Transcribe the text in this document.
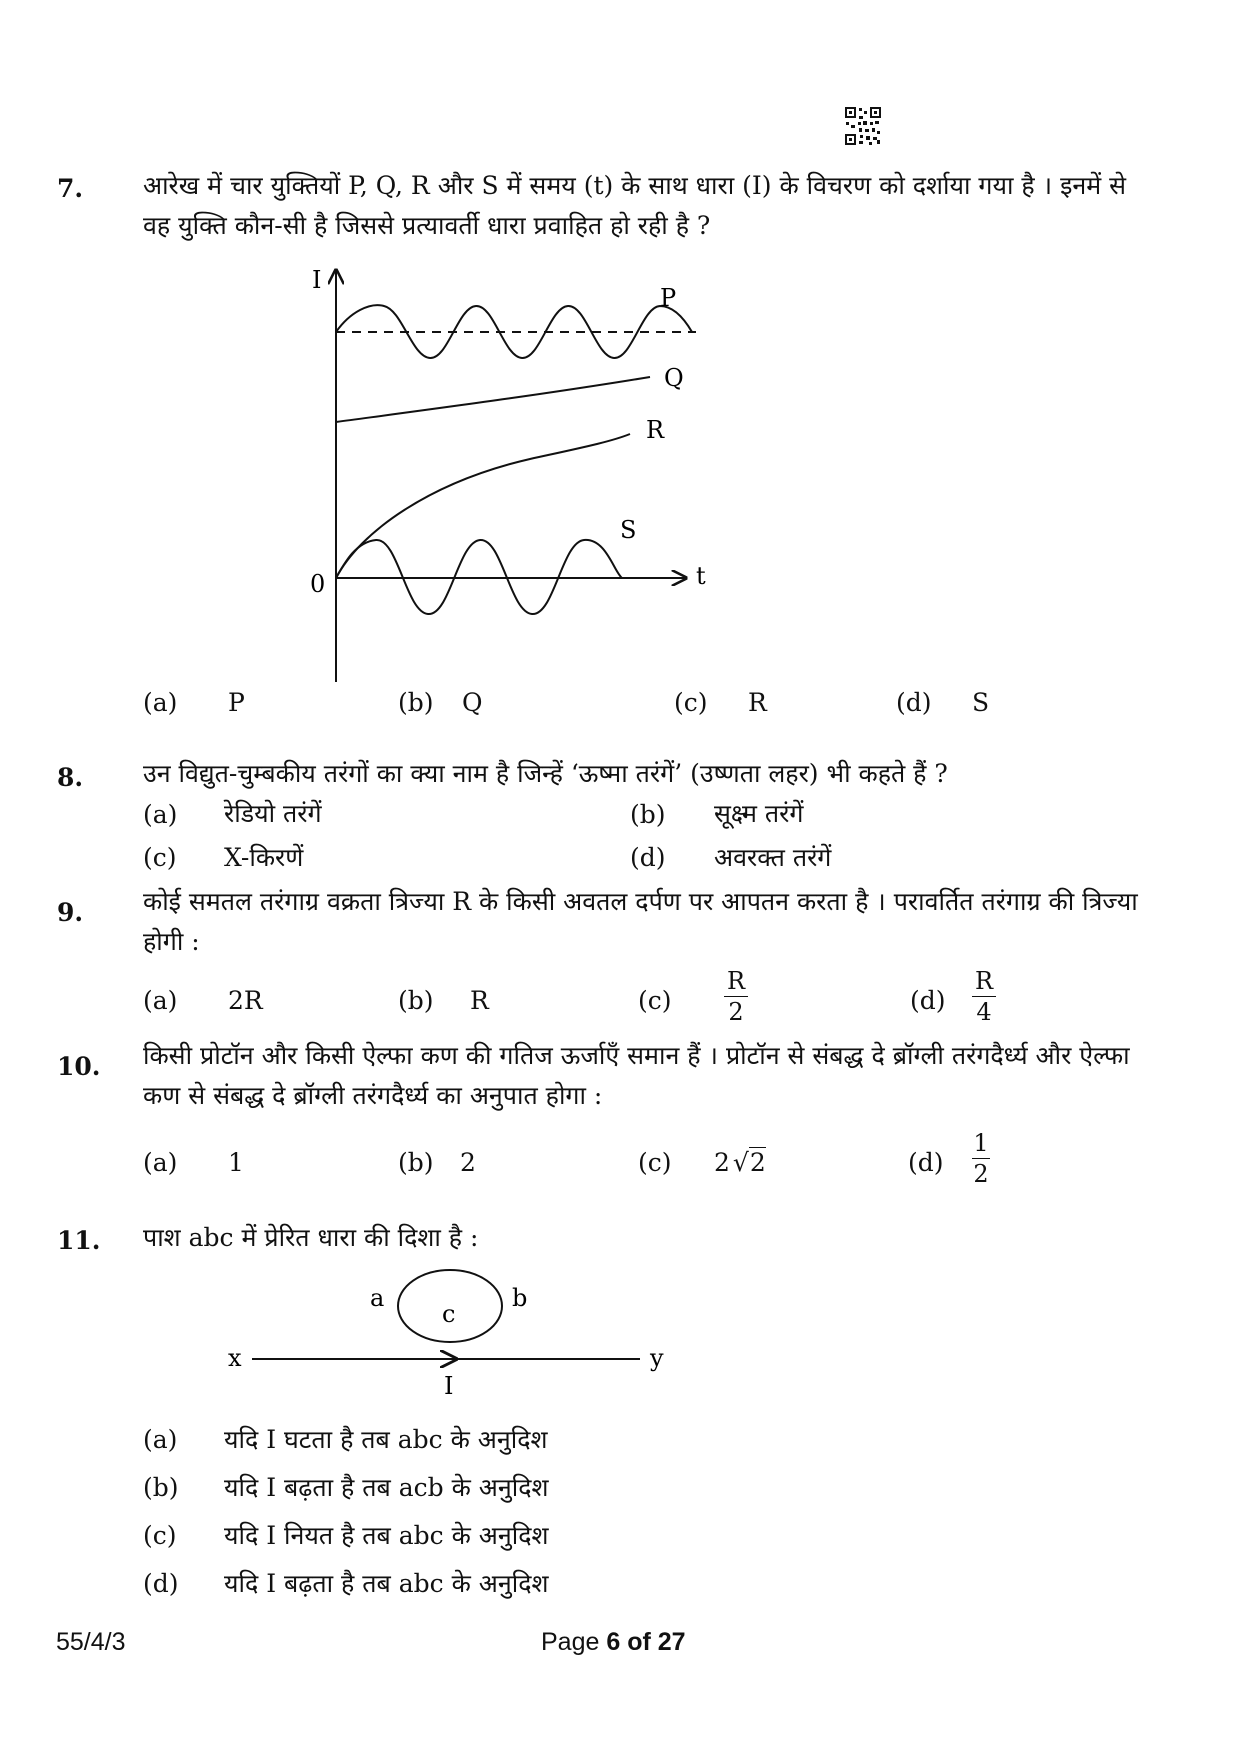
7. आरेख में चार युक्तियों P, Q, R और S में समय (t) के साथ धारा (I) के विचरण को दर्शाया गया है । इनमें से वह युक्ति कौन-सी है जिससे प्रत्यावर्ती धारा प्रवाहित हो रही है ?
I
t
0
P
Q
R
S
(a) P	(b) Q	(c) R	(d) S
8. उन विद्युत-चुम्बकीय तरंगों का क्या नाम है जिन्हें ‘ऊष्मा तरंगें’ (उष्णता लहर) भी कहते हैं ?
(a) रेडियो तरंगें	(b) सूक्ष्म तरंगें
(c) X-किरणें	(d) अवरक्त तरंगें
9. कोई समतल तरंगाग्र वक्रता त्रिज्या R के किसी अवतल दर्पण पर आपतन करता है । परावर्तित तरंगाग्र की त्रिज्या होगी :
(a) 2R	(b) R	(c)
R
2	(d)
R
4
10. किसी प्रोटॉन और किसी ऐल्फा कण की गतिज ऊर्जाएँ समान हैं । प्रोटॉन से संबद्ध दे ब्रॉग्ली तरंगदैर्ध्य और ऐल्फा कण से संबद्ध दे ब्रॉग्ली तरंगदैर्ध्य का अनुपात होगा :
(a) 1	(b) 2	(c) 2 √2	(d)
1
2
11. पाश abc में प्रेरित धारा की दिशा है :
a	b
c
x	y
I
(a) यदि I घटता है तब abc के अनुदिश
(b) यदि I बढ़ता है तब acb के अनुदिश
(c) यदि I नियत है तब abc के अनुदिश
(d) यदि I बढ़ता है तब abc के अनुदिश
55/4/3	Page 6 of 27
